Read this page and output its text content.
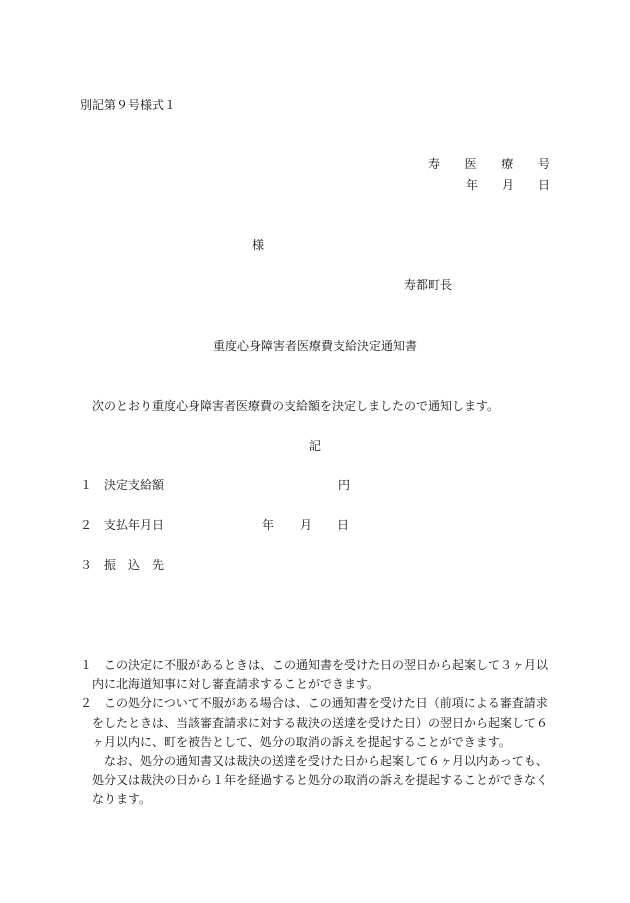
別記第９号様式１
寿 医 療 号
年 月 日
様
寿都町長
重度心身障害者医療費支給決定通知書
次のとおり重度心身障害者医療費の支給額を決定しましたので通知します。
記
１ 決定支給額	円
２ 支払年月日	年 月 日
３ 振　込　先

１ この決定に不服があるときは、この通知書を受けた日の翌日から起案して３ヶ月以内に北海道知事に対し審査請求することができます。

２ この処分について不服がある場合は、この通知書を受けた日（前項による審査請求をしたときは、当該審査請求に対する裁決の送達を受けた日）の翌日から起案して６ヶ月以内に、町を被告として、処分の取消の訴えを提起することができます。

なお、処分の通知書又は裁決の送達を受けた日から起案して６ヶ月以内あっても、処分又は裁決の日から１年を経過すると処分の取消の訴えを提起することができなくなります。
